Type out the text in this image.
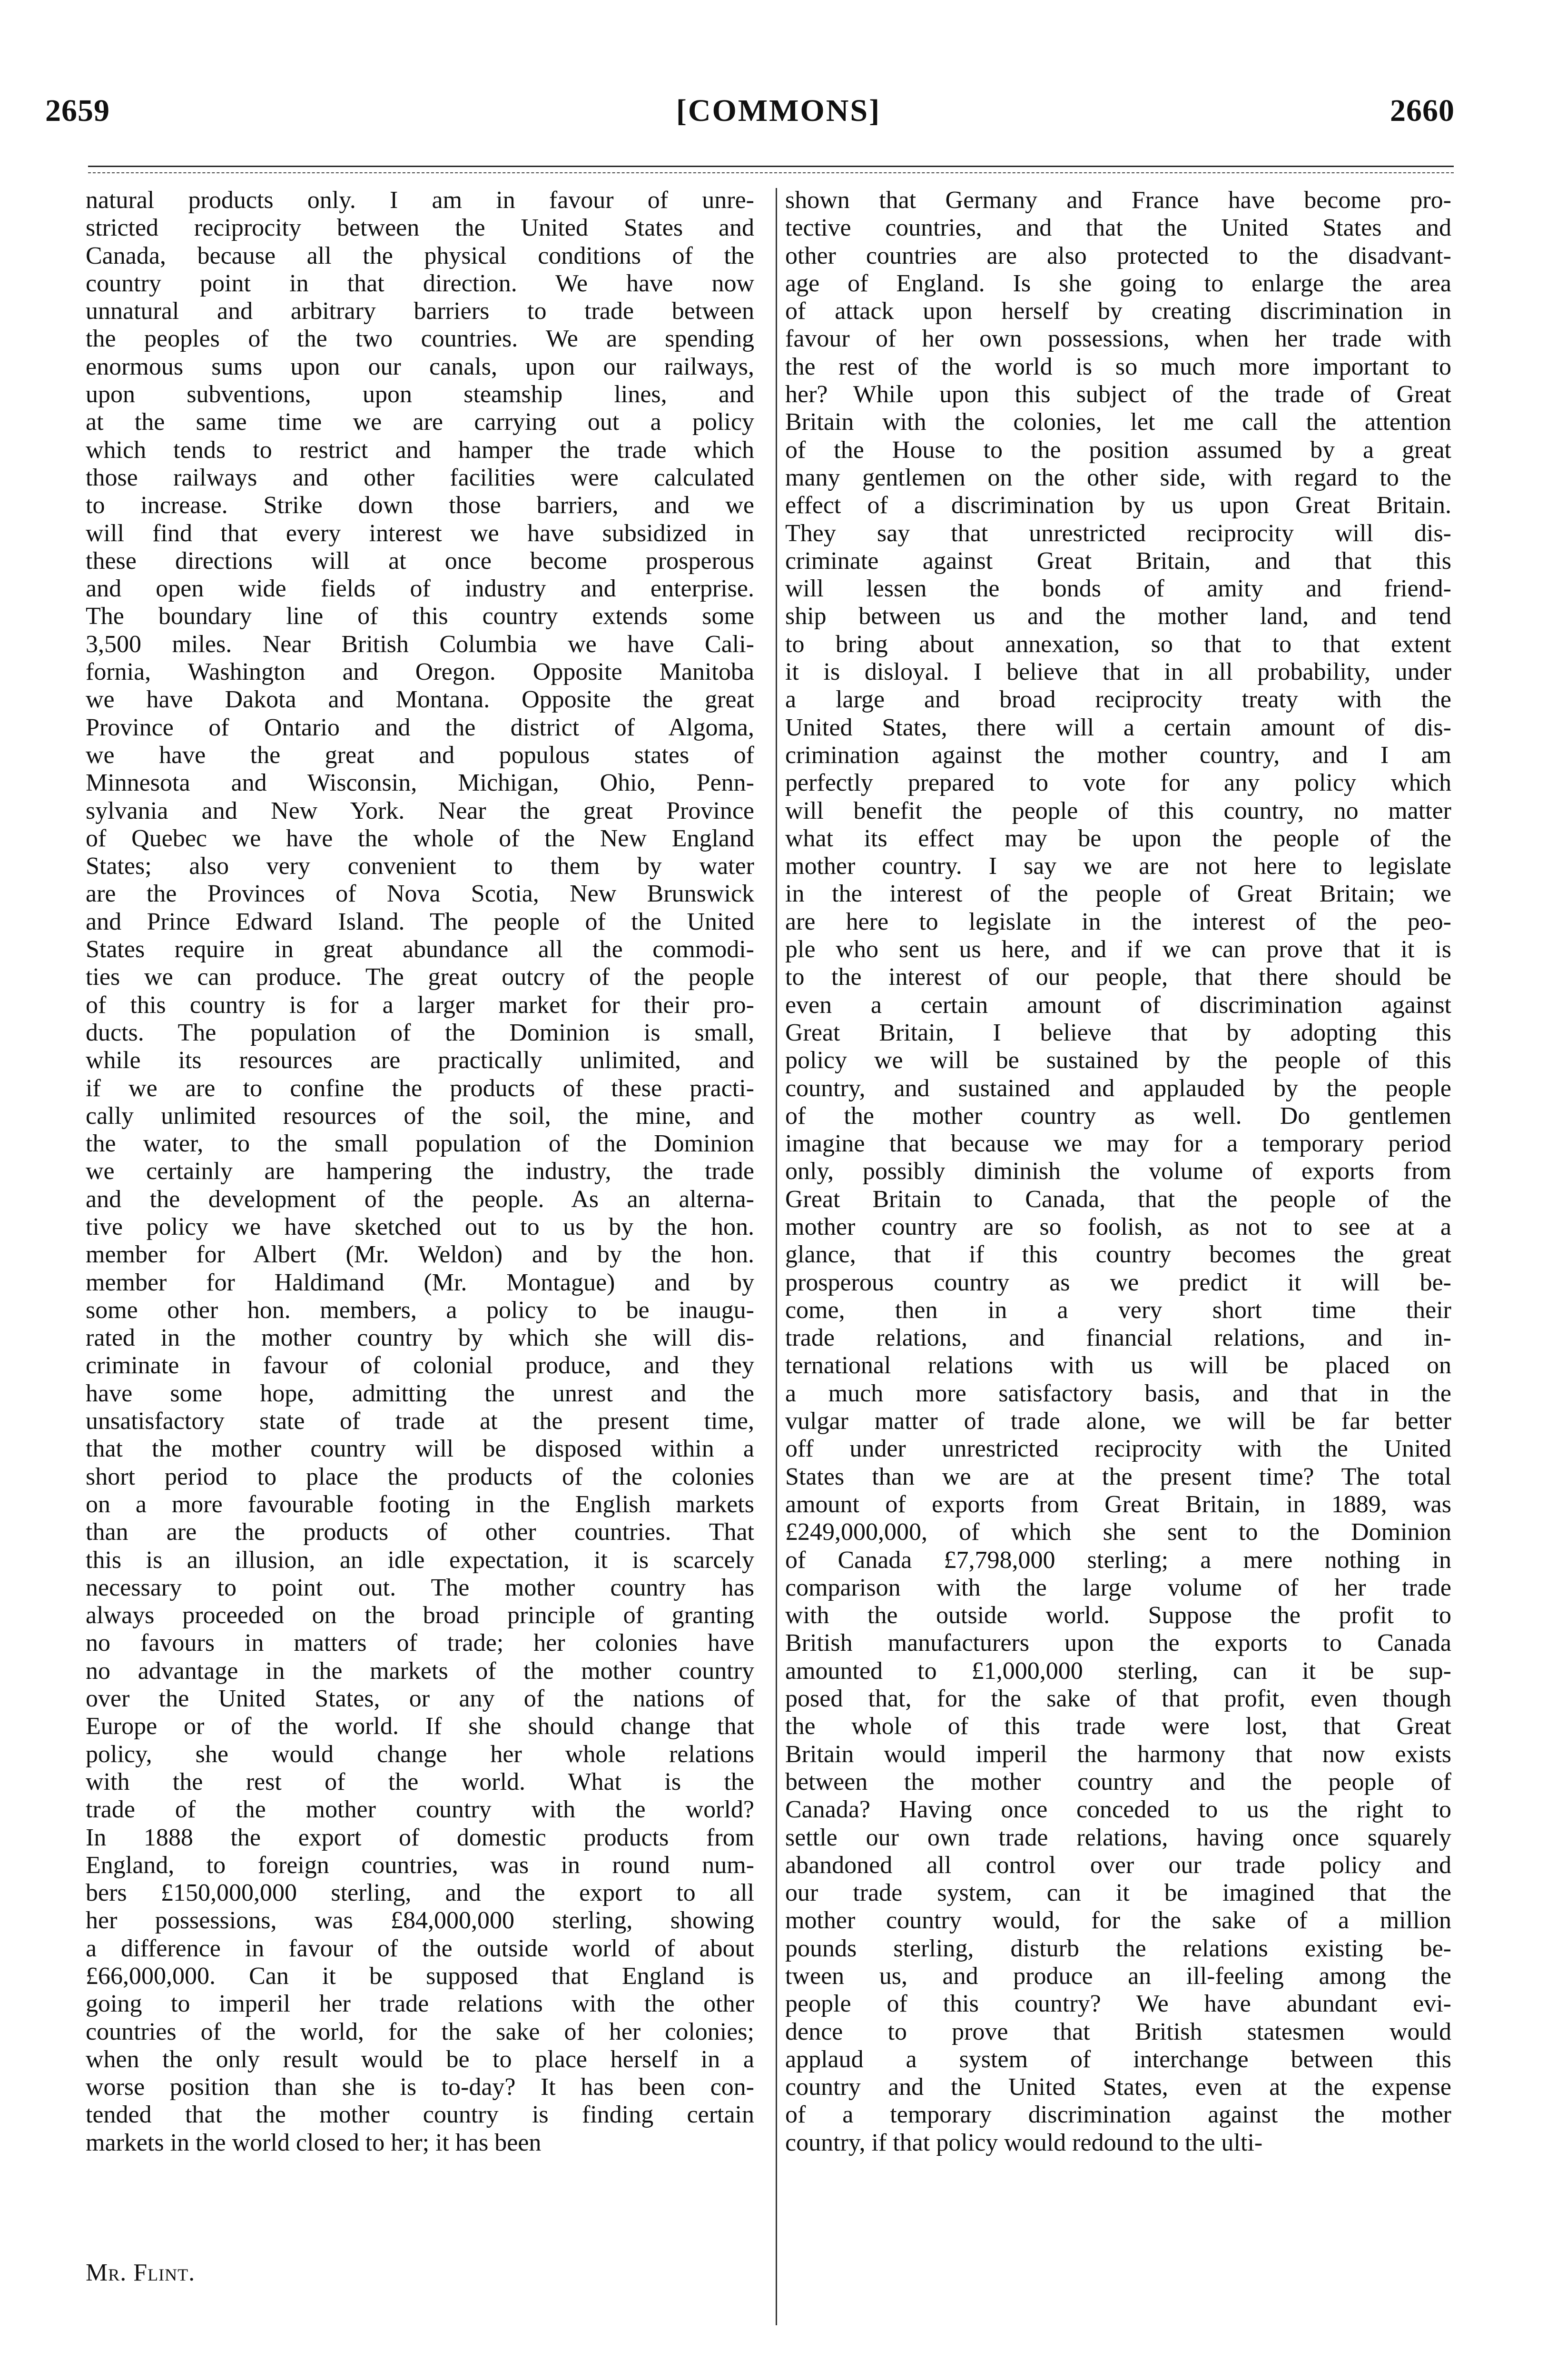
2659	[COMMONS]	2660
natural products only. I am in favour of unre-
stricted reciprocity between the United States and
Canada, because all the physical conditions of the
country point in that direction. We have now
unnatural and arbitrary barriers to trade between
the peoples of the two countries. We are spending
enormous sums upon our canals, upon our railways,
upon subventions, upon steamship lines, and
at the same time we are carrying out a policy
which tends to restrict and hamper the trade which
those railways and other facilities were calculated
to increase. Strike down those barriers, and we
will find that every interest we have subsidized in
these directions will at once become prosperous
and open wide fields of industry and enterprise.
The boundary line of this country extends some
3,500 miles. Near British Columbia we have Cali-
fornia, Washington and Oregon. Opposite Manitoba
we have Dakota and Montana. Opposite the great
Province of Ontario and the district of Algoma,
we have the great and populous states of
Minnesota and Wisconsin, Michigan, Ohio, Penn-
sylvania and New York. Near the great Province
of Quebec we have the whole of the New England
States; also very convenient to them by water
are the Provinces of Nova Scotia, New Brunswick
and Prince Edward Island. The people of the United
States require in great abundance all the commodi-
ties we can produce. The great outcry of the people
of this country is for a larger market for their pro-
ducts. The population of the Dominion is small,
while its resources are practically unlimited, and
if we are to confine the products of these practi-
cally unlimited resources of the soil, the mine, and
the water, to the small population of the Dominion
we certainly are hampering the industry, the trade
and the development of the people. As an alterna-
tive policy we have sketched out to us by the hon.
member for Albert (Mr. Weldon) and by the hon.
member for Haldimand (Mr. Montague) and by
some other hon. members, a policy to be inaugu-
rated in the mother country by which she will dis-
criminate in favour of colonial produce, and they
have some hope, admitting the unrest and the
unsatisfactory state of trade at the present time,
that the mother country will be disposed within a
short period to place the products of the colonies
on a more favourable footing in the English markets
than are the products of other countries. That
this is an illusion, an idle expectation, it is scarcely
necessary to point out. The mother country has
always proceeded on the broad principle of granting
no favours in matters of trade; her colonies have
no advantage in the markets of the mother country
over the United States, or any of the nations of
Europe or of the world. If she should change that
policy, she would change her whole relations
with the rest of the world. What is the
trade of the mother country with the world?
In 1888 the export of domestic products from
England, to foreign countries, was in round num-
bers £150,000,000 sterling, and the export to all
her possessions, was £84,000,000 sterling, showing
a difference in favour of the outside world of about
£66,000,000. Can it be supposed that England is
going to imperil her trade relations with the other
countries of the world, for the sake of her colonies;
when the only result would be to place herself in a
worse position than she is to-day? It has been con-
tended that the mother country is finding certain
markets in the world closed to her; it has been
shown that Germany and France have become pro-
tective countries, and that the United States and
other countries are also protected to the disadvant-
age of England. Is she going to enlarge the area
of attack upon herself by creating discrimination in
favour of her own possessions, when her trade with
the rest of the world is so much more important to
her? While upon this subject of the trade of Great
Britain with the colonies, let me call the attention
of the House to the position assumed by a great
many gentlemen on the other side, with regard to the
effect of a discrimination by us upon Great Britain.
They say that unrestricted reciprocity will dis-
criminate against Great Britain, and that this
will lessen the bonds of amity and friend-
ship between us and the mother land, and tend
to bring about annexation, so that to that extent
it is disloyal. I believe that in all probability, under
a large and broad reciprocity treaty with the
United States, there will a certain amount of dis-
crimination against the mother country, and I am
perfectly prepared to vote for any policy which
will benefit the people of this country, no matter
what its effect may be upon the people of the
mother country. I say we are not here to legislate
in the interest of the people of Great Britain; we
are here to legislate in the interest of the peo-
ple who sent us here, and if we can prove that it is
to the interest of our people, that there should be
even a certain amount of discrimination against
Great Britain, I believe that by adopting this
policy we will be sustained by the people of this
country, and sustained and applauded by the people
of the mother country as well. Do gentlemen
imagine that because we may for a temporary period
only, possibly diminish the volume of exports from
Great Britain to Canada, that the people of the
mother country are so foolish, as not to see at a
glance, that if this country becomes the great
prosperous country as we predict it will be-
come, then in a very short time their
trade relations, and financial relations, and in-
ternational relations with us will be placed on
a much more satisfactory basis, and that in the
vulgar matter of trade alone, we will be far better
off under unrestricted reciprocity with the United
States than we are at the present time? The total
amount of exports from Great Britain, in 1889, was
£249,000,000, of which she sent to the Dominion
of Canada £7,798,000 sterling; a mere nothing in
comparison with the large volume of her trade
with the outside world. Suppose the profit to
British manufacturers upon the exports to Canada
amounted to £1,000,000 sterling, can it be sup-
posed that, for the sake of that profit, even though
the whole of this trade were lost, that Great
Britain would imperil the harmony that now exists
between the mother country and the people of
Canada? Having once conceded to us the right to
settle our own trade relations, having once squarely
abandoned all control over our trade policy and
our trade system, can it be imagined that the
mother country would, for the sake of a million
pounds sterling, disturb the relations existing be-
tween us, and produce an ill-feeling among the
people of this country? We have abundant evi-
dence to prove that British statesmen would
applaud a system of interchange between this
country and the United States, even at the expense
of a temporary discrimination against the mother
country, if that policy would redound to the ulti-
Mr. Flint.
